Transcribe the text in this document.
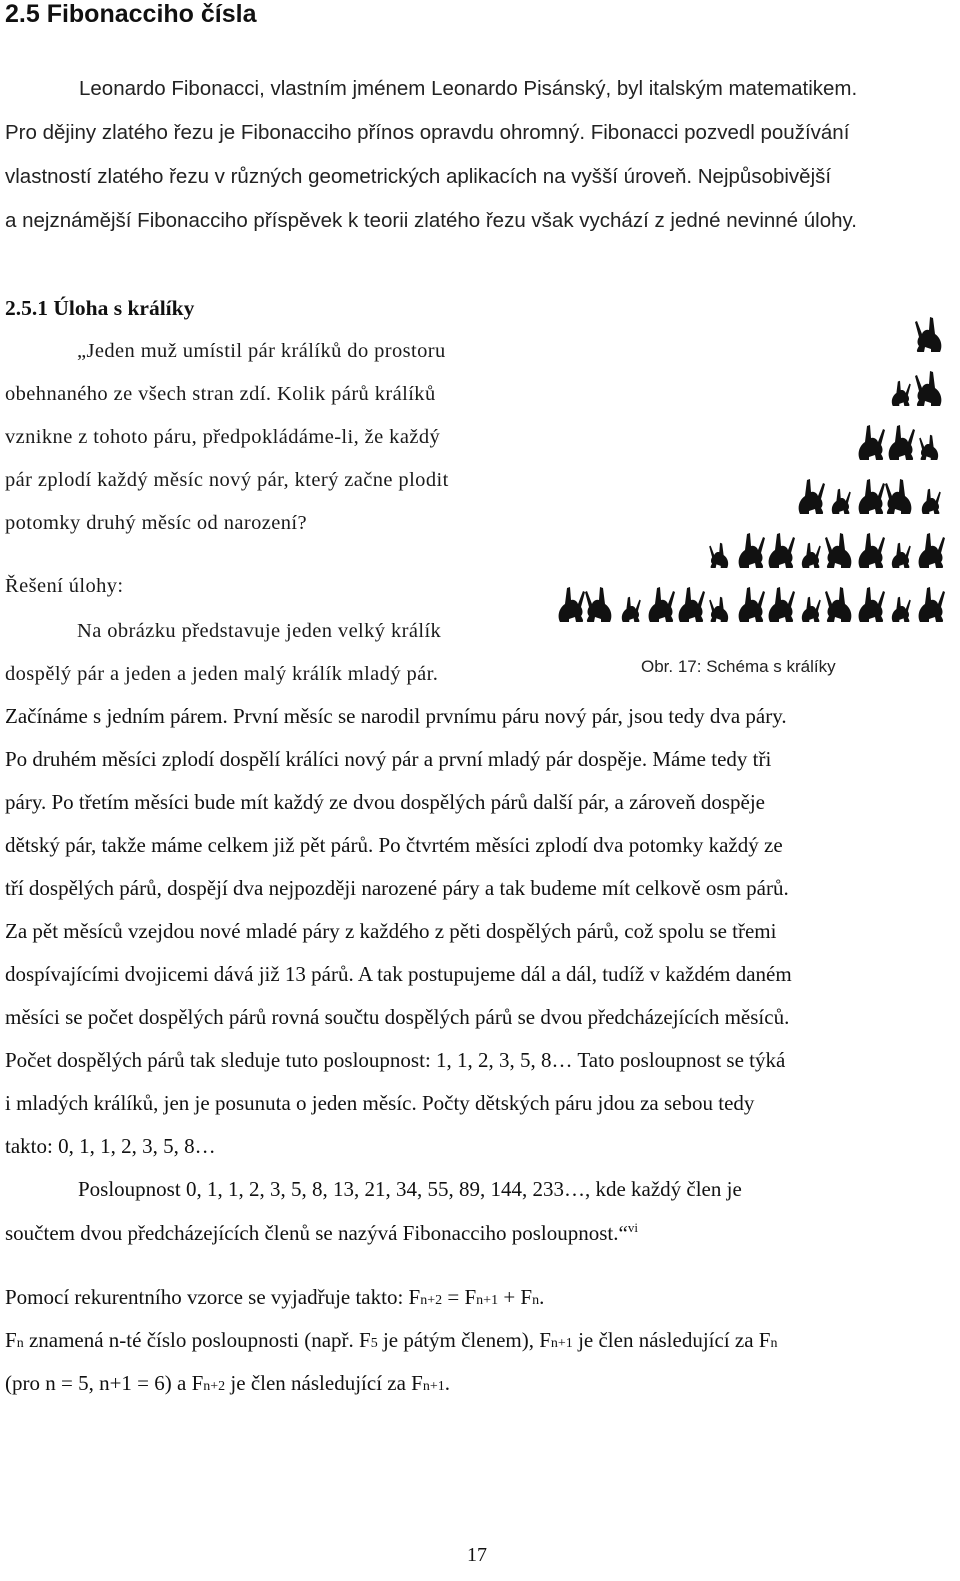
2.5 Fibonacciho čísla

Leonardo Fibonacci, vlastním jménem Leonardo Pisánský, byl italským matematikem.

Pro dějiny zlatého řezu je Fibonacciho přínos opravdu ohromný. Fibonacci pozvedl používání

vlastností zlatého řezu v různých geometrických aplikacích na vyšší úroveň. Nejpůsobivější

a nejznámější Fibonacciho příspěvek k teorii zlatého řezu však vychází z jedné nevinné úlohy.

2.5.1 Úloha s králíky

„Jeden muž umístil pár králíků do prostoru

obehnaného ze všech stran zdí. Kolik párů králíků

vznikne z tohoto páru, předpokládáme-li, že každý

pár zplodí každý měsíc nový pár, který začne plodit

potomky druhý měsíc od narození?

Řešení úlohy:

Na obrázku představuje jeden velký králík

dospělý pár a jeden a jeden malý králík mladý pár.	Obr. 17: Schéma s králíky

Začínáme s jedním párem. První měsíc se narodil prvnímu páru nový pár, jsou tedy dva páry.

Po druhém měsíci zplodí dospělí králíci nový pár a první mladý pár dospěje. Máme tedy tři

páry. Po třetím měsíci bude mít každý ze dvou dospělých párů další pár, a zároveň dospěje

dětský pár, takže máme celkem již pět párů. Po čtvrtém měsíci zplodí dva potomky každý ze

tří dospělých párů, dospějí dva nejpozději narozené páry a tak budeme mít celkově osm párů.

Za pět měsíců vzejdou nové mladé páry z každého z pěti dospělých párů, což spolu se třemi

dospívajícími dvojicemi dává již 13 párů. A tak postupujeme dál a dál, tudíž v každém daném

měsíci se počet dospělých párů rovná součtu dospělých párů se dvou předcházejících měsíců.

Počet dospělých párů tak sleduje tuto posloupnost: 1, 1, 2, 3, 5, 8… Tato posloupnost se týká

i mladých králíků, jen je posunuta o jeden měsíc. Počty dětských páru jdou za sebou tedy

takto: 0, 1, 1, 2, 3, 5, 8…

Posloupnost 0, 1, 1, 2, 3, 5, 8, 13, 21, 34, 55, 89, 144, 233…, kde každý člen je

součtem dvou předcházejících členů se nazývá Fibonacciho posloupnost.“$^{vi}$

Pomocí rekurentního vzorce se vyjadřuje takto: Fn+2 = Fn+1 + Fn.

Fn znamená n-té číslo posloupnosti (např. F5 je pátým členem), Fn+1 je člen následující za Fn

(pro n = 5, n+1 = 6) a Fn+2 je člen následující za Fn+1.

17
